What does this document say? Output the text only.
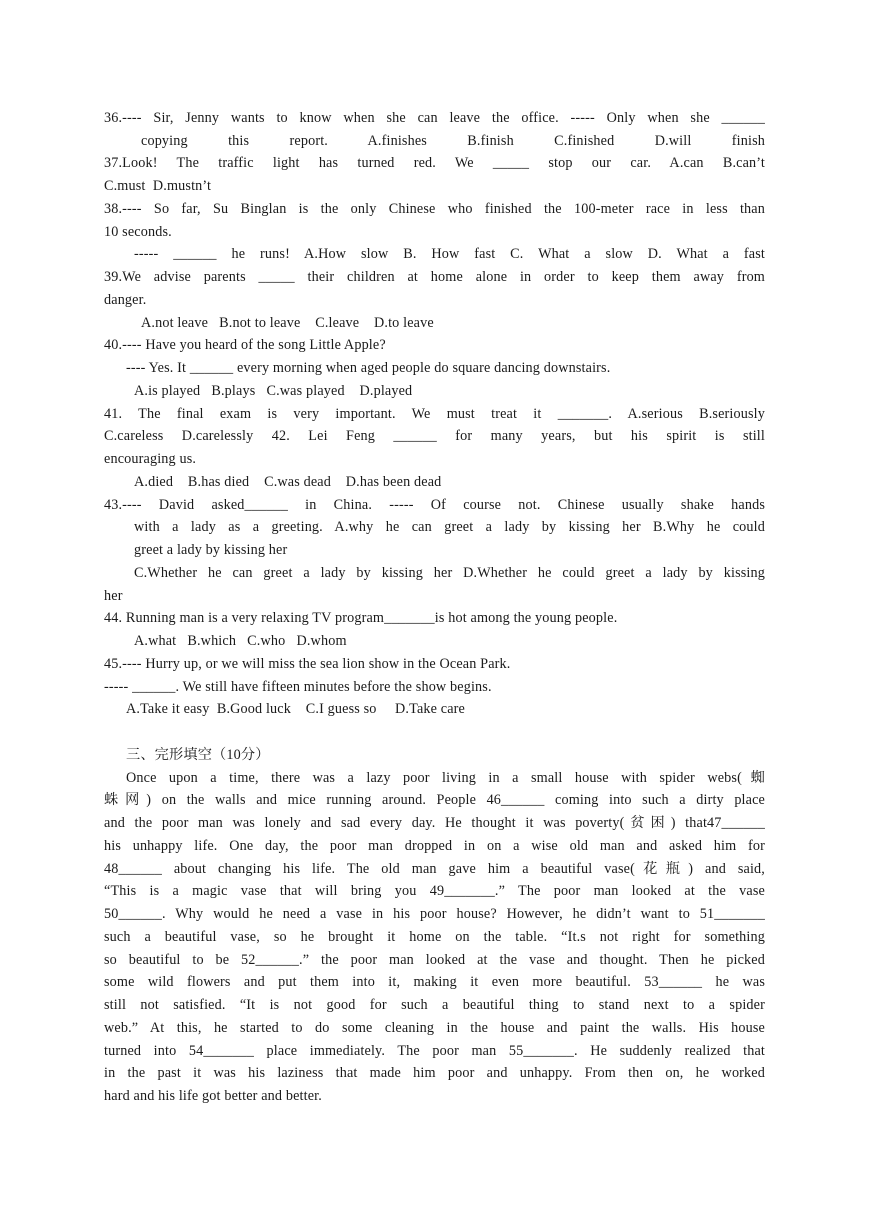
36.---- Sir, Jenny wants to know when she can leave the office. ----- Only when she ______
copying this report. A.finishes B.finish C.finished D.will finish
37.Look! The traffic light has turned red. We _____ stop our car. A.can B.can’t
C.must  D.mustn’t
38.---- So far, Su Binglan is the only Chinese who finished the 100-meter race in less than
10 seconds.
----- ______ he runs! A.How slow B. How fast C. What a slow D. What a fast
39.We advise parents _____ their children at home alone in order to keep them away from
danger.
A.not leave   B.not to leave    C.leave    D.to leave
40.---- Have you heard of the song Little Apple?
---- Yes. It ______ every morning when aged people do square dancing downstairs.
A.is played   B.plays   C.was played    D.played
41. The final exam is very important. We must treat it _______. A.serious B.seriously
C.careless D.carelessly 42. Lei Feng ______ for many years, but his spirit is still
encouraging us.
A.died    B.has died    C.was dead    D.has been dead
43.---- David asked______ in China. ----- Of course not. Chinese usually shake hands
with a lady as a greeting. A.why he can greet a lady by kissing her B.Why he could
greet a lady by kissing her
C.Whether he can greet a lady by kissing her D.Whether he could greet a lady by kissing
her
44. Running man is a very relaxing TV program_______is hot among the young people.
A.what   B.which   C.who   D.whom
45.---- Hurry up, or we will miss the sea lion show in the Ocean Park.
----- ______. We still have fifteen minutes before the show begins.
A.Take it easy  B.Good luck    C.I guess so     D.Take care
三、完形填空（10分）
Once upon a time, there was a lazy poor living in a small house with spider webs(蜘
蛛网) on the walls and mice running around. People 46______ coming into such a dirty place
and the poor man was lonely and sad every day. He thought it was poverty(贫困) that47______
his unhappy life. One day, the poor man dropped in on a wise old man and asked him for
48______ about changing his life. The old man gave him a beautiful vase(花瓶) and said,
“This is a magic vase that will bring you 49_______.” The poor man looked at the vase
50______. Why would he need a vase in his poor house? However, he didn’t want to 51_______
such a beautiful vase, so he brought it home on the table. “It.s not right for something
so beautiful to be 52______.” the poor man looked at the vase and thought. Then he picked
some wild flowers and put them into it, making it even more beautiful. 53______ he was
still not satisfied. “It is not good for such a beautiful thing to stand next to a spider
web.” At this, he started to do some cleaning in the house and paint the walls. His house
turned into 54_______ place immediately. The poor man 55_______. He suddenly realized that
in the past it was his laziness that made him poor and unhappy. From then on, he worked
hard and his life got better and better.
